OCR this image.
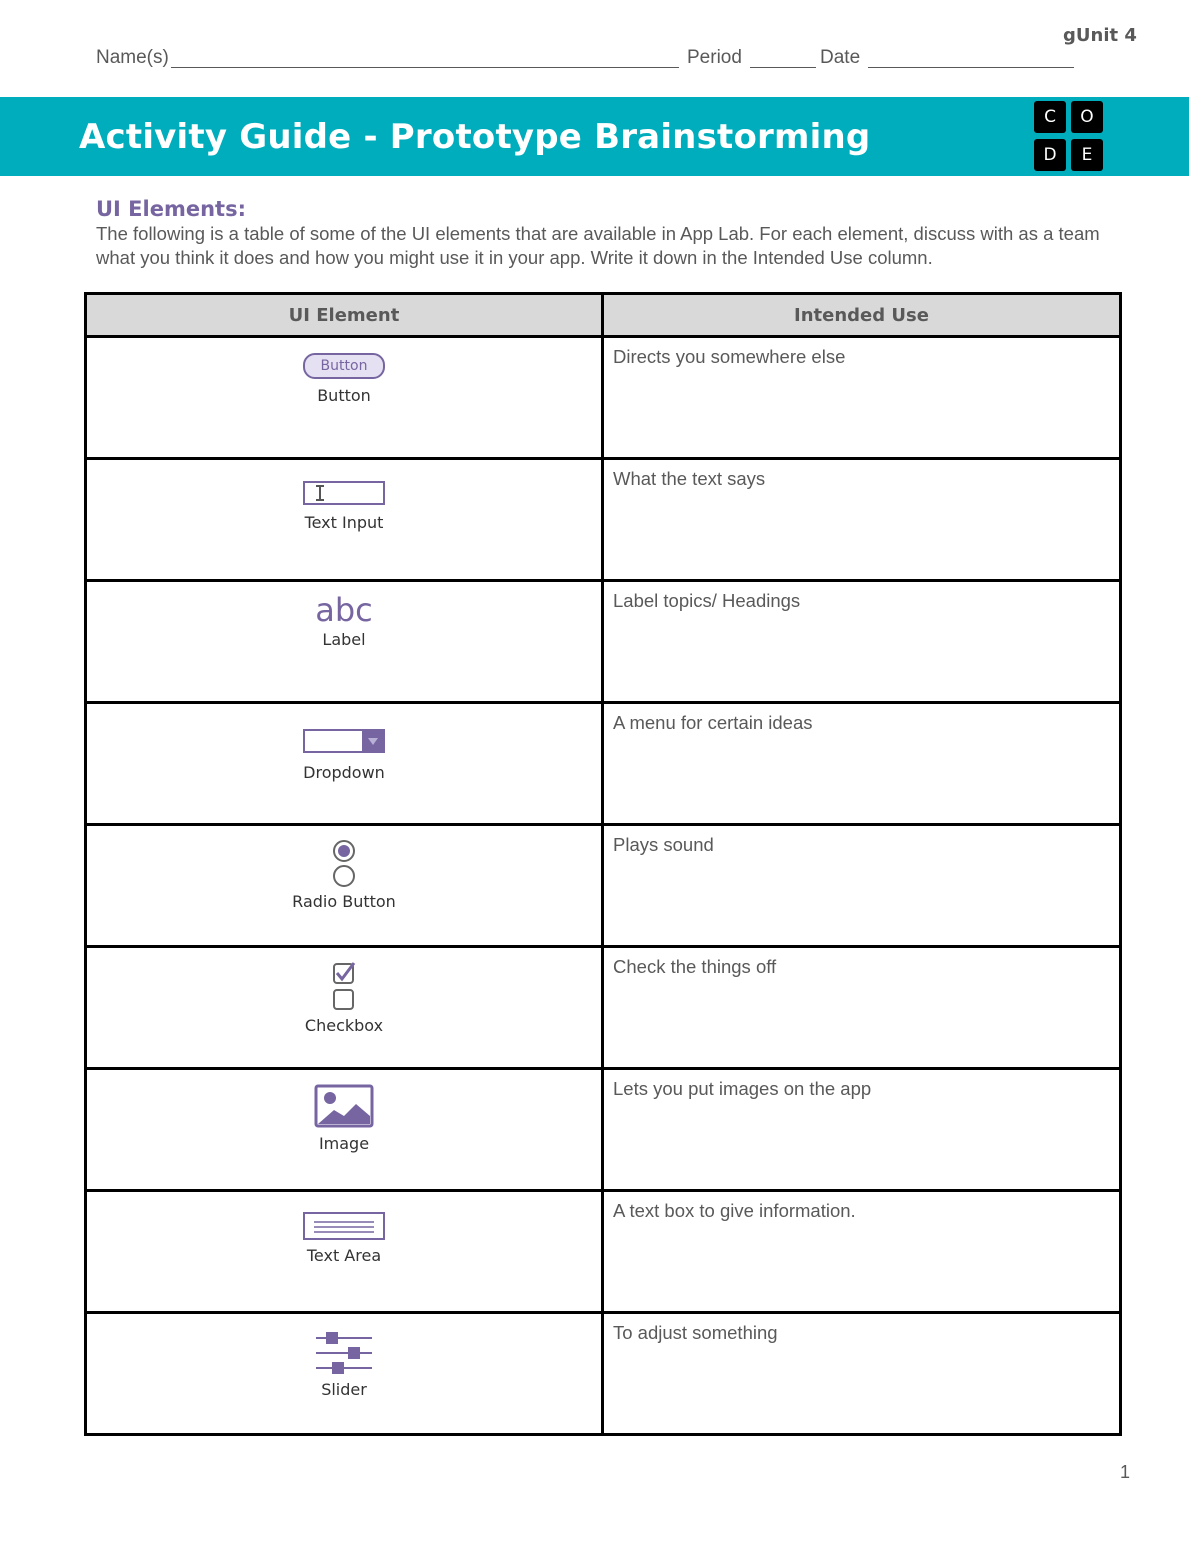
gUnit 4
Name(s)	Period	Date
Activity Guide - Prototype Brainstorming	C	O
D	E
UI Elements:
The following is a table of some of the UI elements that are available in App Lab. For each element, discuss with as a team what you think it does and how you might use it in your app. Write it down in the Intended Use column.
UI Element	Intended Use

Button
Button	Directs you somewhere else

Text Input	What the text says

abc
Label	Label topics/ Headings

Dropdown	A menu for certain ideas

Radio Button	Plays sound

Checkbox	Check the things off

Image	Lets you put images on the app

Text Area	A text box to give information.

Slider	To adjust something
1
